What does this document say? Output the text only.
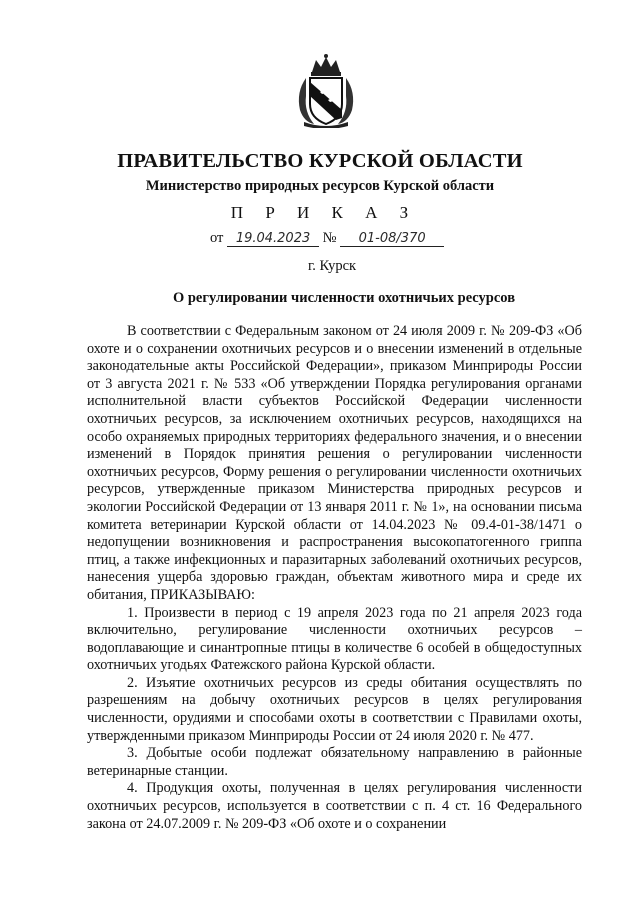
ПРАВИТЕЛЬСТВО КУРСКОЙ ОБЛАСТИ
Министерство природных ресурсов Курской области
П Р И К А З
от 19.04.2023 № 01-08/370
г. Курск
О регулировании численности охотничьих ресурсов

В соответствии с Федеральным законом от 24 июля 2009 г. № 209-ФЗ «Об охоте и о сохранении охотничьих ресурсов и о внесении изменений в отдельные законодательные акты Российской Федерации», приказом Минприроды России от 3 августа 2021 г. № 533 «Об утверждении Порядка регулирования органами исполнительной власти субъектов Российской Федерации численности охотничьих ресурсов, за исключением охотничьих ресурсов, находящихся на особо охраняемых природных территориях федерального значения, и о внесении изменений в Порядок принятия решения о регулировании численности охотничьих ресурсов, Форму решения о регулировании численности охотничьих ресурсов, утвержденные приказом Министерства природных ресурсов и экологии Российской Федерации от 13 января 2011 г. № 1», на основании письма комитета ветеринарии Курской области от 14.04.2023 № 09.4-01-38/1471 о недопущении возникновения и распространения высокопатогенного гриппа птиц, а также инфекционных и паразитарных заболеваний охотничьих ресурсов, нанесения ущерба здоровью граждан, объектам животного мира и среде их обитания, ПРИКАЗЫВАЮ:

1. Произвести в период с 19 апреля 2023 года по 21 апреля 2023 года включительно, регулирование численности охотничьих ресурсов – водоплавающие и синантропные птицы в количестве 6 особей в общедоступных охотничьих угодьях Фатежского района Курской области.

2. Изъятие охотничьих ресурсов из среды обитания осуществлять по разрешениям на добычу охотничьих ресурсов в целях регулирования численности, орудиями и способами охоты в соответствии с Правилами охоты, утвержденными приказом Минприроды России от 24 июля 2020 г. № 477.

3. Добытые особи подлежат обязательному направлению в районные ветеринарные станции.

4. Продукция охоты, полученная в целях регулирования численности охотничьих ресурсов, используется в соответствии с п. 4 ст. 16 Федерального закона от 24.07.2009 г. № 209-ФЗ «Об охоте и о сохранении
